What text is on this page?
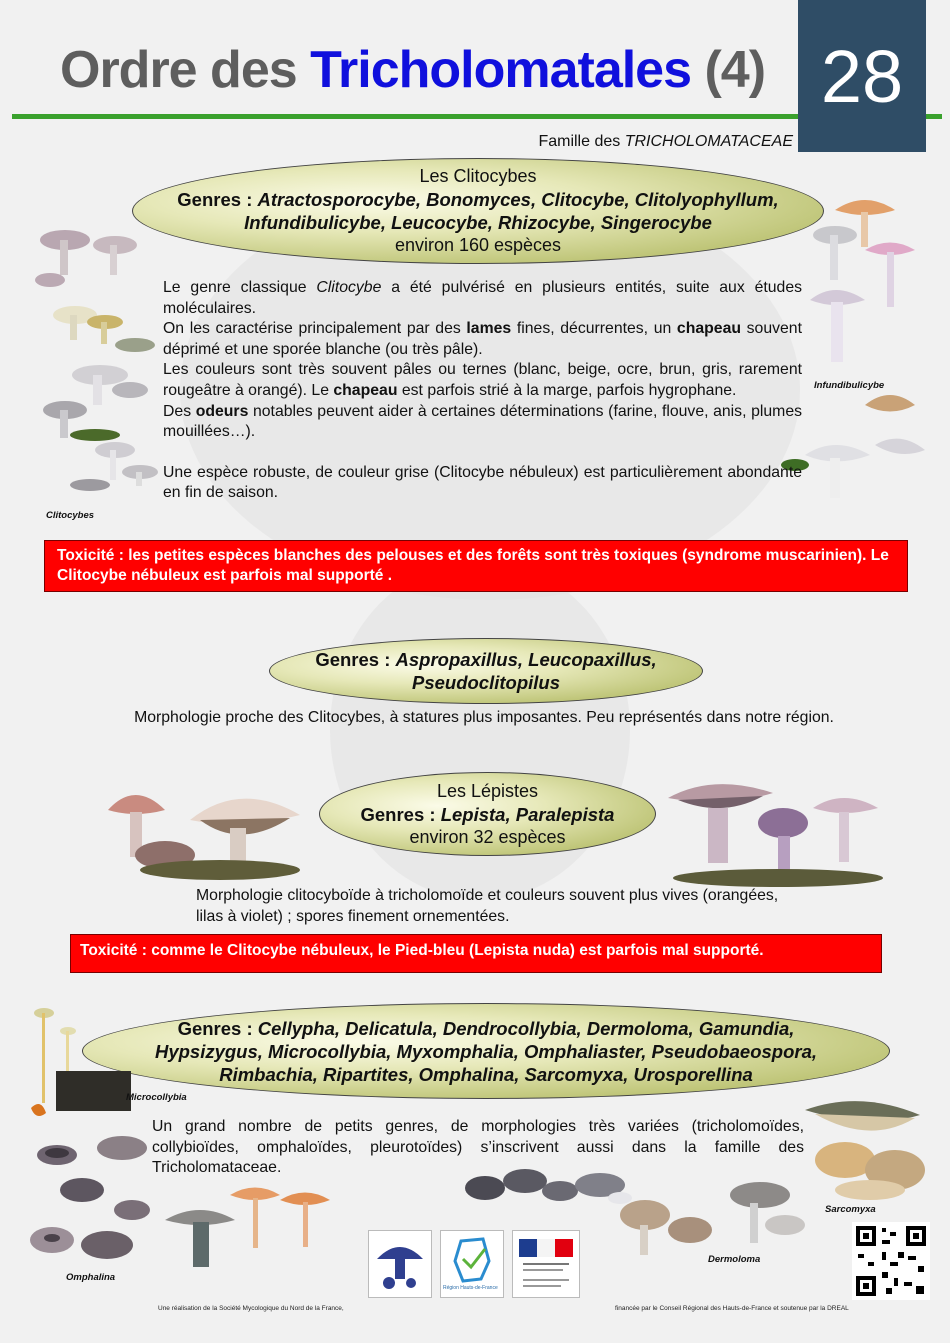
Ordre des Tricholomatales (4) 28
Famille des TRICHOLOMATACEAE
Les Clitocybes
Genres : Atractosporocybe, Bonomyces, Clitocybe, Clitolyophyllum,
Infundibulicybe, Leucocybe, Rhizocybe, Singerocybe
environ 160 espèces
Clitocybes
Infundibulicybe

Le genre classique Clitocybe a été pulvérisé en plusieurs entités, suite aux études moléculaires.

On les caractérise principalement par des lames fines, décurrentes, un chapeau souvent déprimé et une sporée blanche (ou très pâle).

Les couleurs sont très souvent pâles ou ternes (blanc, beige, ocre, brun, gris, rarement rougeâtre à orangé). Le chapeau est parfois strié à la marge, parfois hygrophane.

Des odeurs notables peuvent aider à certaines déterminations (farine, flouve, anis, plumes mouillées…).

Une espèce robuste, de couleur grise (Clitocybe nébuleux) est particulièrement abondante en fin de saison.

Toxicité : les petites espèces blanches des pelouses et des forêts sont très toxiques (syndrome muscarinien). Le Clitocybe nébuleux est parfois mal supporté .
Genres : Aspropaxillus, Leucopaxillus,
Pseudoclitopilus
Morphologie proche des Clitocybes, à statures plus imposantes. Peu représentés dans notre région.
Les Lépistes
Genres : Lepista, Paralepista
environ 32 espèces
Morphologie clitocyboïde à tricholomoïde et couleurs souvent plus vives (orangées, lilas à violet) ; spores finement ornementées.
Toxicité : comme le Clitocybe nébuleux, le Pied-bleu (Lepista nuda) est parfois mal supporté.
Genres : Cellypha, Delicatula, Dendrocollybia, Dermoloma, Gamundia,
Hypsizygus, Microcollybia, Myxomphalia, Omphaliaster, Pseudobaeospora,
Rimbachia, Ripartites, Omphalina, Sarcomyxa, Urosporellina
Microcollybia
Un grand nombre de petits genres, de morphologies très variées (tricholomoïdes, collybioïdes, omphaloïdes, pleurotoïdes) s’inscrivent aussi dans la famille des Tricholomataceae.
Omphalina
Dermoloma
Sarcomyxa
Région Hauts-de-France
Une réalisation de la Société Mycologique du Nord de la France,	financée par le Conseil Régional des Hauts-de-France et soutenue par la DREAL
